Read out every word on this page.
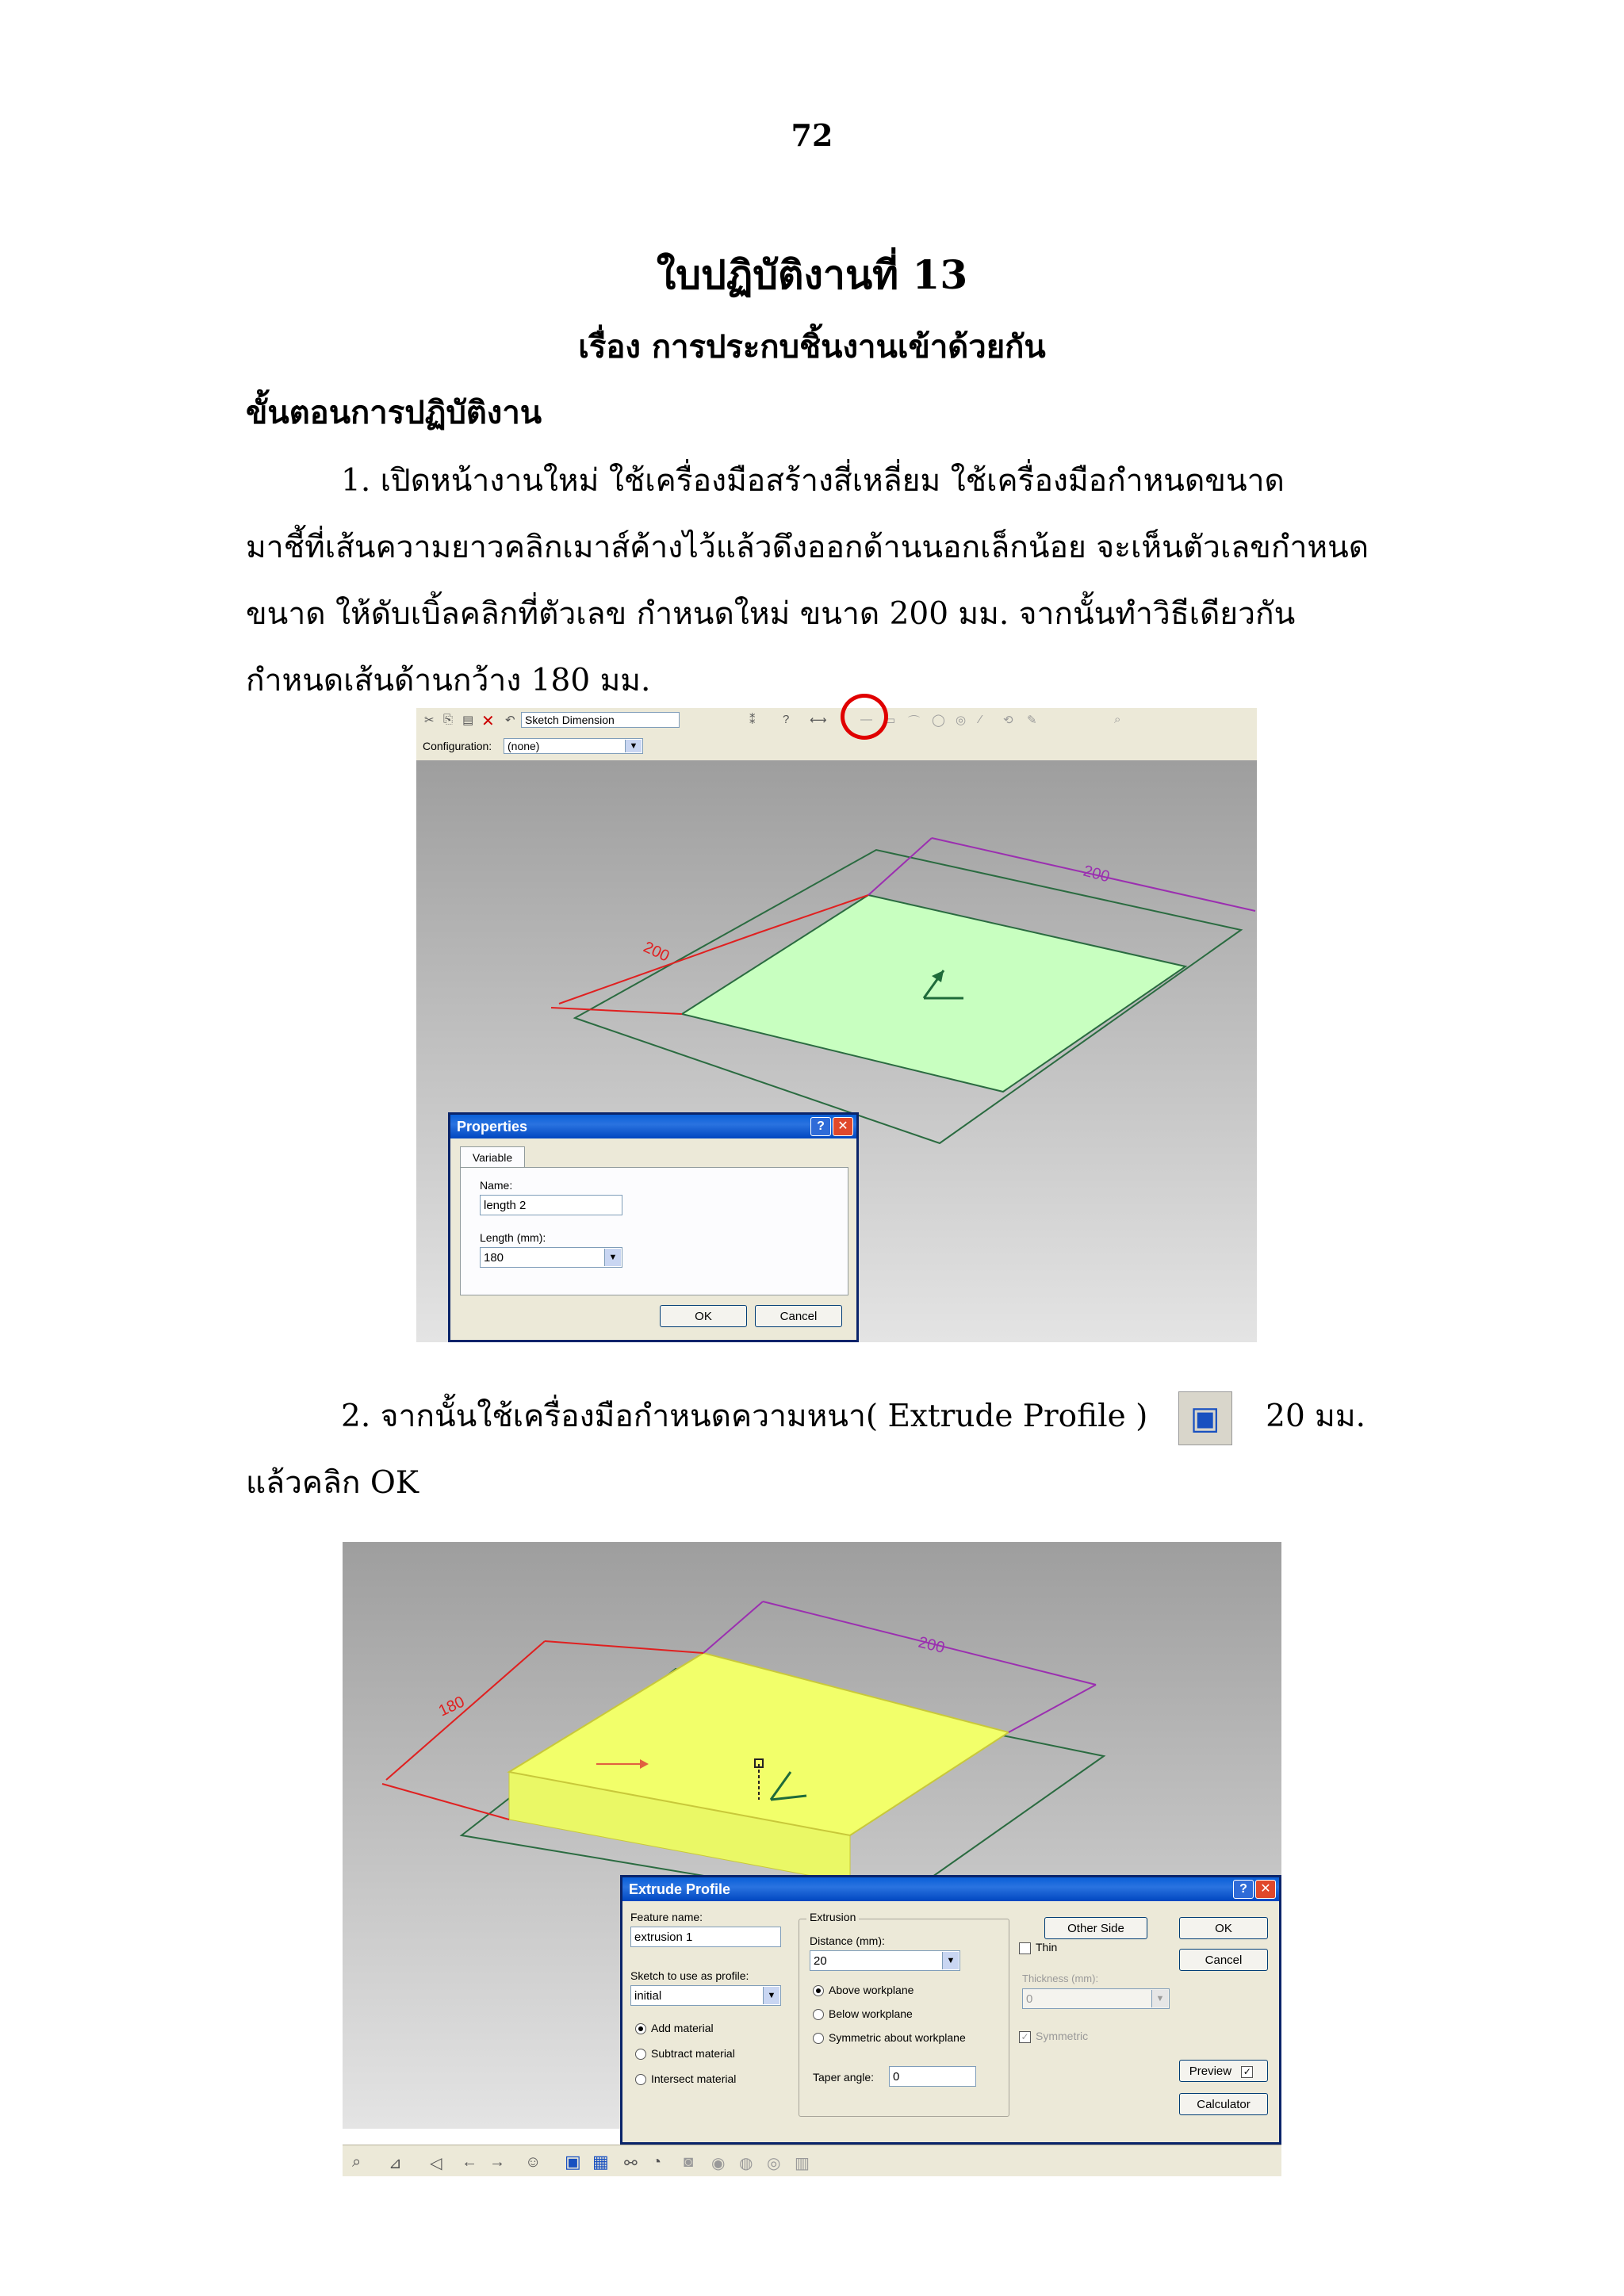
72
ใบปฏิบัติงานที่ 13
เรื่อง การประกบชิ้นงานเข้าด้วยกัน
ขั้นตอนการปฏิบัติงาน

1. เปิดหน้างานใหม่ ใช้เครื่องมือสร้างสี่เหลี่ยม ใช้เครื่องมือกำหนดขนาด

มาชี้ที่เส้นความยาวคลิกเมาส์ค้างไว้แล้วดึงออกด้านนอกเล็กน้อย จะเห็นตัวเลขกำหนด

ขนาด ให้ดับเบิ้ลคลิกที่ตัวเลข กำหนดใหม่ ขนาด 200 มม. จากนั้นทำวิธีเดียวกัน

กำหนดเส้นด้านกว้าง 180 มม.

✂ ⎘ ▤ ✕ ↶ Sketch Dimension	⁑ ? ⟷	― ▭ ⌒ ◯ ◎ ⁄ ⟲ ✎	⌕
Configuration:	(none)	▼
200
200
Properties	?	✕
Variable
Name:
length 2
Length (mm):
180	▼
OK	Cancel

2. จากนั้นใช้เครื่องมือกำหนดความหนา( Extrude Profile ) ▣ 20 มม.

แล้วคลิก OK

180
200
⌕ ⊿ ◁ ← → ☺ ▣ ▦ ⚯ ◔ ◙ ◉ ◍ ◎ ▥
Extrude Profile	?	✕
Feature name:
extrusion 1
Sketch to use as profile:
initial	▼
Add material
Subtract material
Intersect material
Extrusion
Distance (mm):
20	▼
Above workplane
Below workplane
Symmetric about workplane
Taper angle:	0
Other Side
Thin
Thickness (mm):
0	▼
✓ Symmetric
OK
Cancel
Preview ✓
Calculator
